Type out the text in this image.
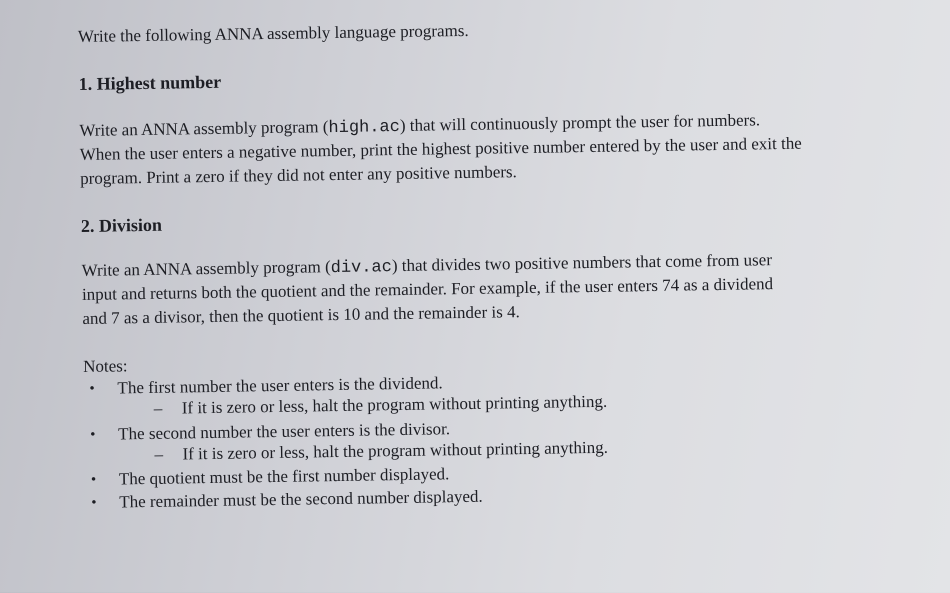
Write the following ANNA assembly language programs.
1. Highest number
Write an ANNA assembly program (high.ac) that will continuously prompt the user for numbers.
When the user enters a negative number, print the highest positive number entered by the user and exit the
program. Print a zero if they did not enter any positive numbers.
2. Division
Write an ANNA assembly program (div.ac) that divides two positive numbers that come from user
input and returns both the quotient and the remainder. For example, if the user enters 74 as a dividend
and 7 as a divisor, then the quotient is 10 and the remainder is 4.
Notes:
• The first number the user enters is the dividend.
– If it is zero or less, halt the program without printing anything.
• The second number the user enters is the divisor.
– If it is zero or less, halt the program without printing anything.
• The quotient must be the first number displayed.
• The remainder must be the second number displayed.
